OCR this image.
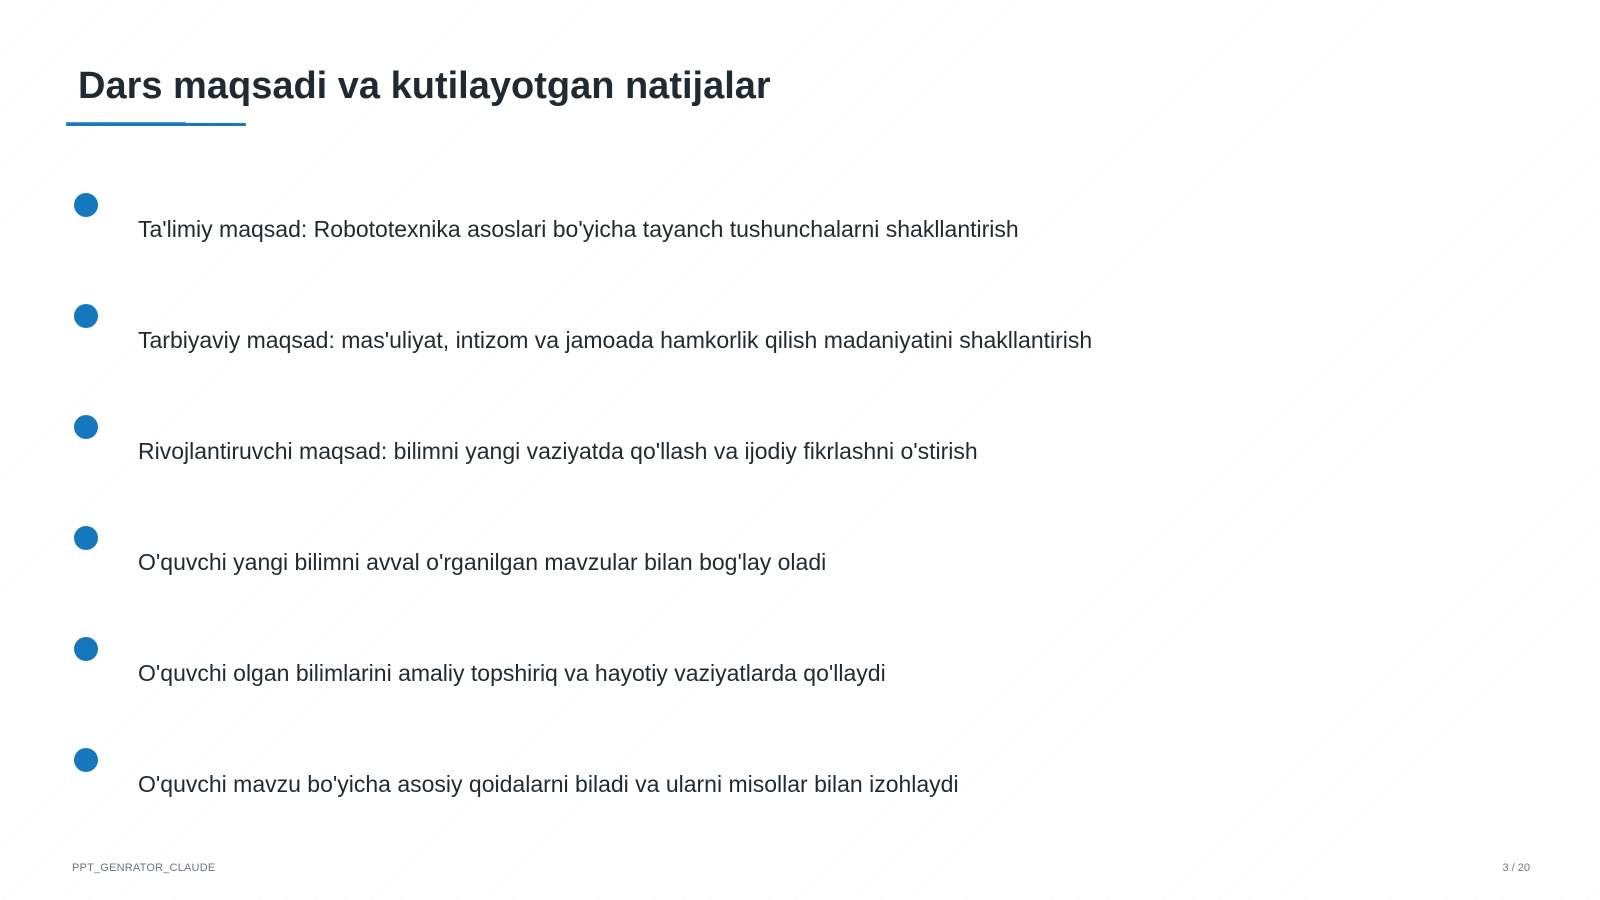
Dars maqsadi va kutilayotgan natijalar
Ta'limiy maqsad: Robototexnika asoslari bo'yicha tayanch tushunchalarni shakllantirish
Tarbiyaviy maqsad: mas'uliyat, intizom va jamoada hamkorlik qilish madaniyatini shakllantirish
Rivojlantiruvchi maqsad: bilimni yangi vaziyatda qo'llash va ijodiy fikrlashni o'stirish
O'quvchi yangi bilimni avval o'rganilgan mavzular bilan bog'lay oladi
O'quvchi olgan bilimlarini amaliy topshiriq va hayotiy vaziyatlarda qo'llaydi
O'quvchi mavzu bo'yicha asosiy qoidalarni biladi va ularni misollar bilan izohlaydi
PPT_GENRATOR_CLAUDE	3 / 20
